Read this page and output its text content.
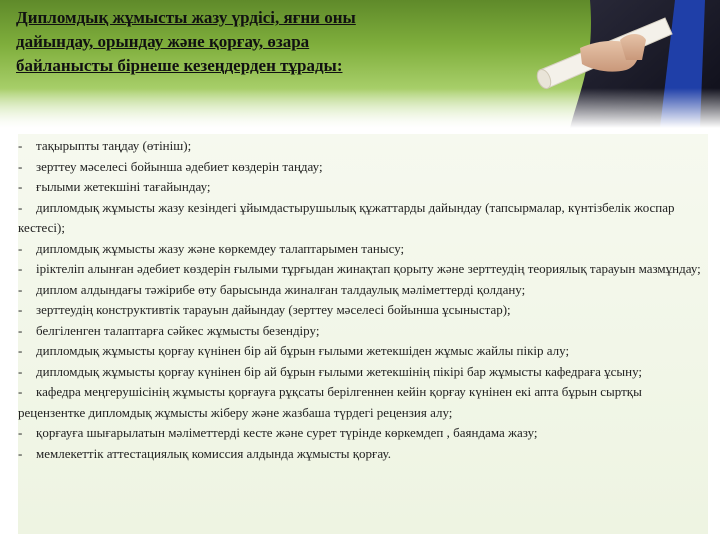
Дипломдық жұмысты жазу үрдісі, яғни оны
дайындау, орындау және қорғау, өзара
байланысты бірнеше кезеңдерден тұрады:
- тақырыпты таңдау (өтініш);
- зерттеу мәселесі бойынша әдебиет көздерін таңдау;
- ғылыми жетекшіні тағайындау;
- дипломдық жұмысты жазу кезіндегі ұйымдастырушылық құжаттарды дайындау (тапсырмалар, күнтізбелік жоспар кестесі);
- дипломдық жұмысты жазу және көркемдеу талаптарымен танысу;
- іріктеліп алынған әдебиет көздерін ғылыми тұрғыдан жинақтап қорыту және зерттеудің теориялық тарауын мазмұндау;
- диплом алдындағы тәжірибе өту барысында жиналған талдаулық мәліметтерді қолдану;
- зерттеудің конструктивтік тарауын дайындау (зерттеу мәселесі бойынша ұсыныстар);
- белгіленген талаптарға сәйкес жұмысты безендіру;
- дипломдық жұмысты қорғау күнінен бір ай бұрын ғылыми жетекшіден жұмыс жайлы пікір алу;
- дипломдық жұмысты қорғау күнінен бір ай бұрын ғылыми жетекшінің пікірі бар жұмысты кафедраға ұсыну;
- кафедра меңгерушісінің жұмысты қорғауға рұқсаты берілгеннен кейін қорғау күнінен екі апта бұрын сыртқы рецензентке дипломдық жұмысты жіберу және жазбаша түрдегі рецензия алу;
- қорғауға шығарылатын мәліметтерді кесте және сурет түрінде көркемдеп , баяндама жазу;
- мемлекеттік аттестациялық комиссия алдында жұмысты қорғау.
